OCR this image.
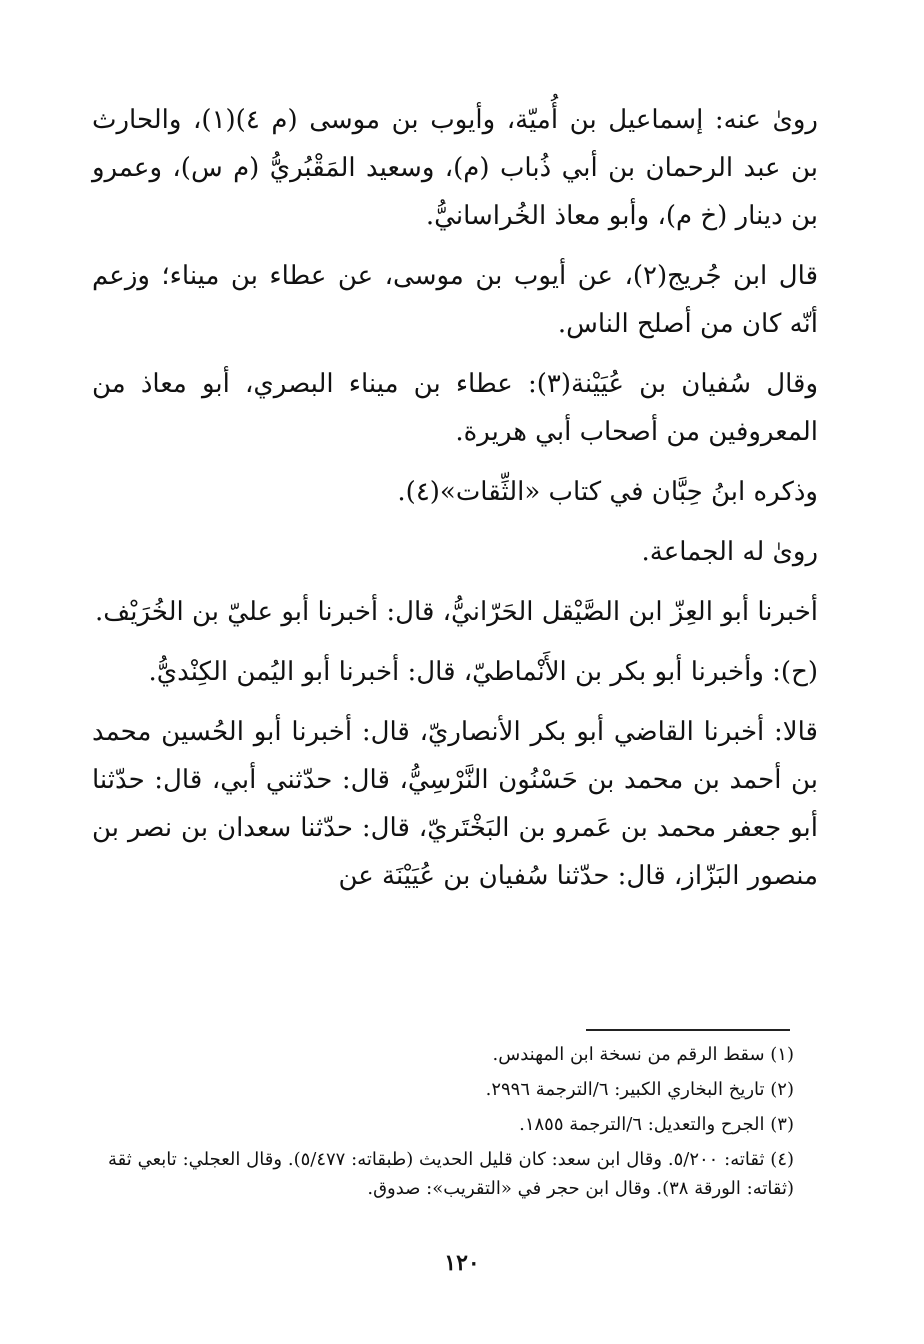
رویٰ عنه: إسماعيل بن أُميّة، وأيوب بن موسى (م ٤)(١)، والحارث بن عبد الرحمان بن أبي ذُباب (م)، وسعيد المَقْبُريُّ (م س)، وعمرو بن دينار (خ م)، وأبو معاذ الخُراسانيُّ.

قال ابن جُريج(٢)، عن أيوب بن موسى، عن عطاء بن ميناء؛ وزعم أنّه كان من أصلح الناس.

وقال سُفيان بن عُيَيْنة(٣): عطاء بن ميناء البصري، أبو معاذ من المعروفين من أصحاب أبي هريرة.

وذكره ابنُ حِبَّان في كتاب «الثِّقات»(٤).

رویٰ له الجماعة.

أخبرنا أبو العِزّ ابن الصَّيْقل الحَرّانيُّ، قال: أخبرنا أبو عليّ بن الخُرَيْف.

(ح): وأخبرنا أبو بكر بن الأَنْماطيّ، قال: أخبرنا أبو اليُمن الكِنْديُّ.

قالا: أخبرنا القاضي أبو بكر الأنصاريّ، قال: أخبرنا أبو الحُسين محمد بن أحمد بن محمد بن حَسْنُون النَّرْسِيُّ، قال: حدّثني أبي، قال: حدّثنا أبو جعفر محمد بن عَمرو بن البَخْتَريّ، قال: حدّثنا سعدان بن نصر بن منصور البَزّاز، قال: حدّثنا سُفيان بن عُيَيْنَة عن

(١) سقط الرقم من نسخة ابن المهندس.

(٢) تاريخ البخاري الكبير: ٦/الترجمة ٢٩٩٦.

(٣) الجرح والتعديل: ٦/الترجمة ١٨٥٥.

(٤) ثقاته: ٥/٢٠٠. وقال ابن سعد: كان قليل الحديث (طبقاته: ٥/٤٧٧). وقال العجلي: تابعي ثقة (ثقاته: الورقة ٣٨). وقال ابن حجر في «التقريب»: صدوق.

١٢٠
